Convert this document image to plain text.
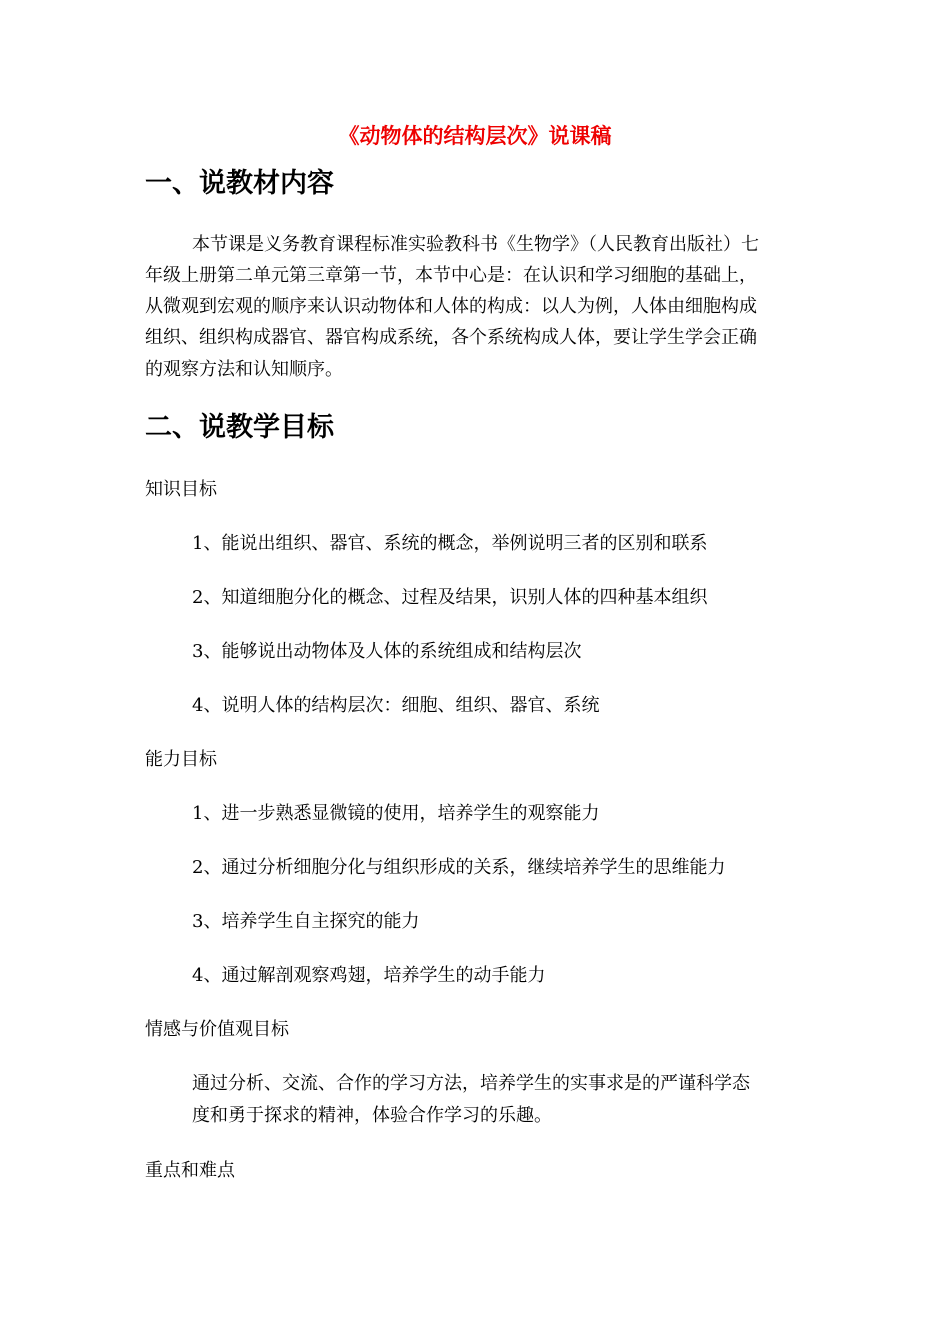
《动物体的结构层次》说课稿
一、说教材内容
本节课是义务教育课程标准实验教科书《生物学》（人民教育出版社）七
年级上册第二单元第三章第一节，本节中心是：在认识和学习细胞的基础上，
从微观到宏观的顺序来认识动物体和人体的构成：以人为例，人体由细胞构成
组织、组织构成器官、器官构成系统，各个系统构成人体，要让学生学会正确
的观察方法和认知顺序。
二、说教学目标
知识目标
1、能说出组织、器官、系统的概念，举例说明三者的区别和联系
2、知道细胞分化的概念、过程及结果，识别人体的四种基本组织
3、能够说出动物体及人体的系统组成和结构层次
4、说明人体的结构层次：细胞、组织、器官、系统
能力目标
1、进一步熟悉显微镜的使用，培养学生的观察能力
2、通过分析细胞分化与组织形成的关系，继续培养学生的思维能力
3、培养学生自主探究的能力
4、通过解剖观察鸡翅，培养学生的动手能力
情感与价值观目标
通过分析、交流、合作的学习方法，培养学生的实事求是的严谨科学态
度和勇于探求的精神，体验合作学习的乐趣。
重点和难点
